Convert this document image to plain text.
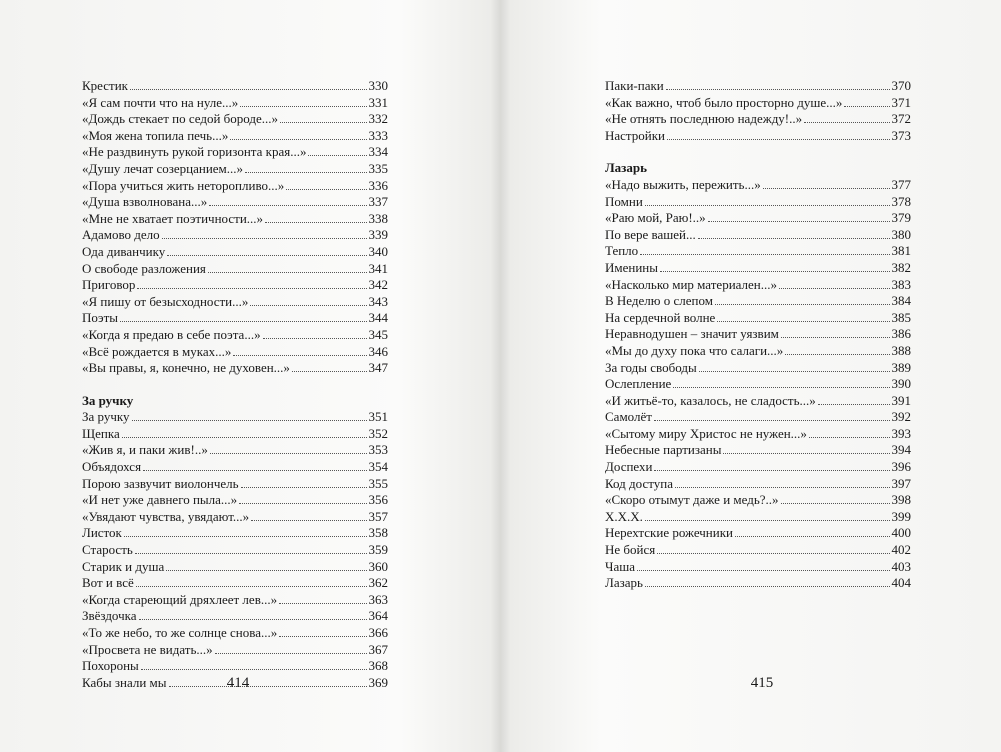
Крестик	330
«Я сам почти что на нуле...»	331
«Дождь стекает по седой бороде...»	332
«Моя жена топила печь...»	333
«Не раздвинуть рукой горизонта края...»	334
«Душу лечат созерцанием...»	335
«Пора учиться жить неторопливо...»	336
«Душа взволнована...»	337
«Мне не хватает поэтичности...»	338
Адамово дело	339
Ода диванчику	340
О свободе разложения	341
Приговор	342
«Я пишу от безысходности...»	343
Поэты	344
«Когда я предаю в себе поэта...»	345
«Всё рождается в муках...»	346
«Вы правы, я, конечно, не духовен...»	347
За ручку
За ручку	351
Щепка	352
«Жив я, и паки жив!..»	353
Объядохся	354
Порою зазвучит виолончель	355
«И нет уже давнего пыла...»	356
«Увядают чувства, увядают...»	357
Листок	358
Старость	359
Старик и душа	360
Вот и всё	362
«Когда стареющий дряхлеет лев...»	363
Звёздочка	364
«То же небо, то же солнце снова...»	366
«Просвета не видать...»	367
Похороны	368
Кабы знали мы	369
414
Паки-паки	370
«Как важно, чтоб было просторно душе...»	371
«Не отнять последнюю надежду!..»	372
Настройки	373
Лазарь
«Надо выжить, пережить...»	377
Помни	378
«Раю мой, Раю!..»	379
По вере вашей...	380
Тепло	381
Именины	382
«Насколько мир материален...»	383
В Неделю о слепом	384
На сердечной волне	385
Неравнодушен – значит уязвим	386
«Мы до духу пока что салаги...»	388
За годы свободы	389
Ослепление	390
«И житьё-то, казалось, не сладость...»	391
Самолёт	392
«Сытому миру Христос не нужен...»	393
Небесные партизаны	394
Доспехи	396
Код доступа	397
«Скоро отымут даже и медь?..»	398
Х.Х.Х.	399
Нерехтские рожечники	400
Не бойся	402
Чаша	403
Лазарь	404
415
